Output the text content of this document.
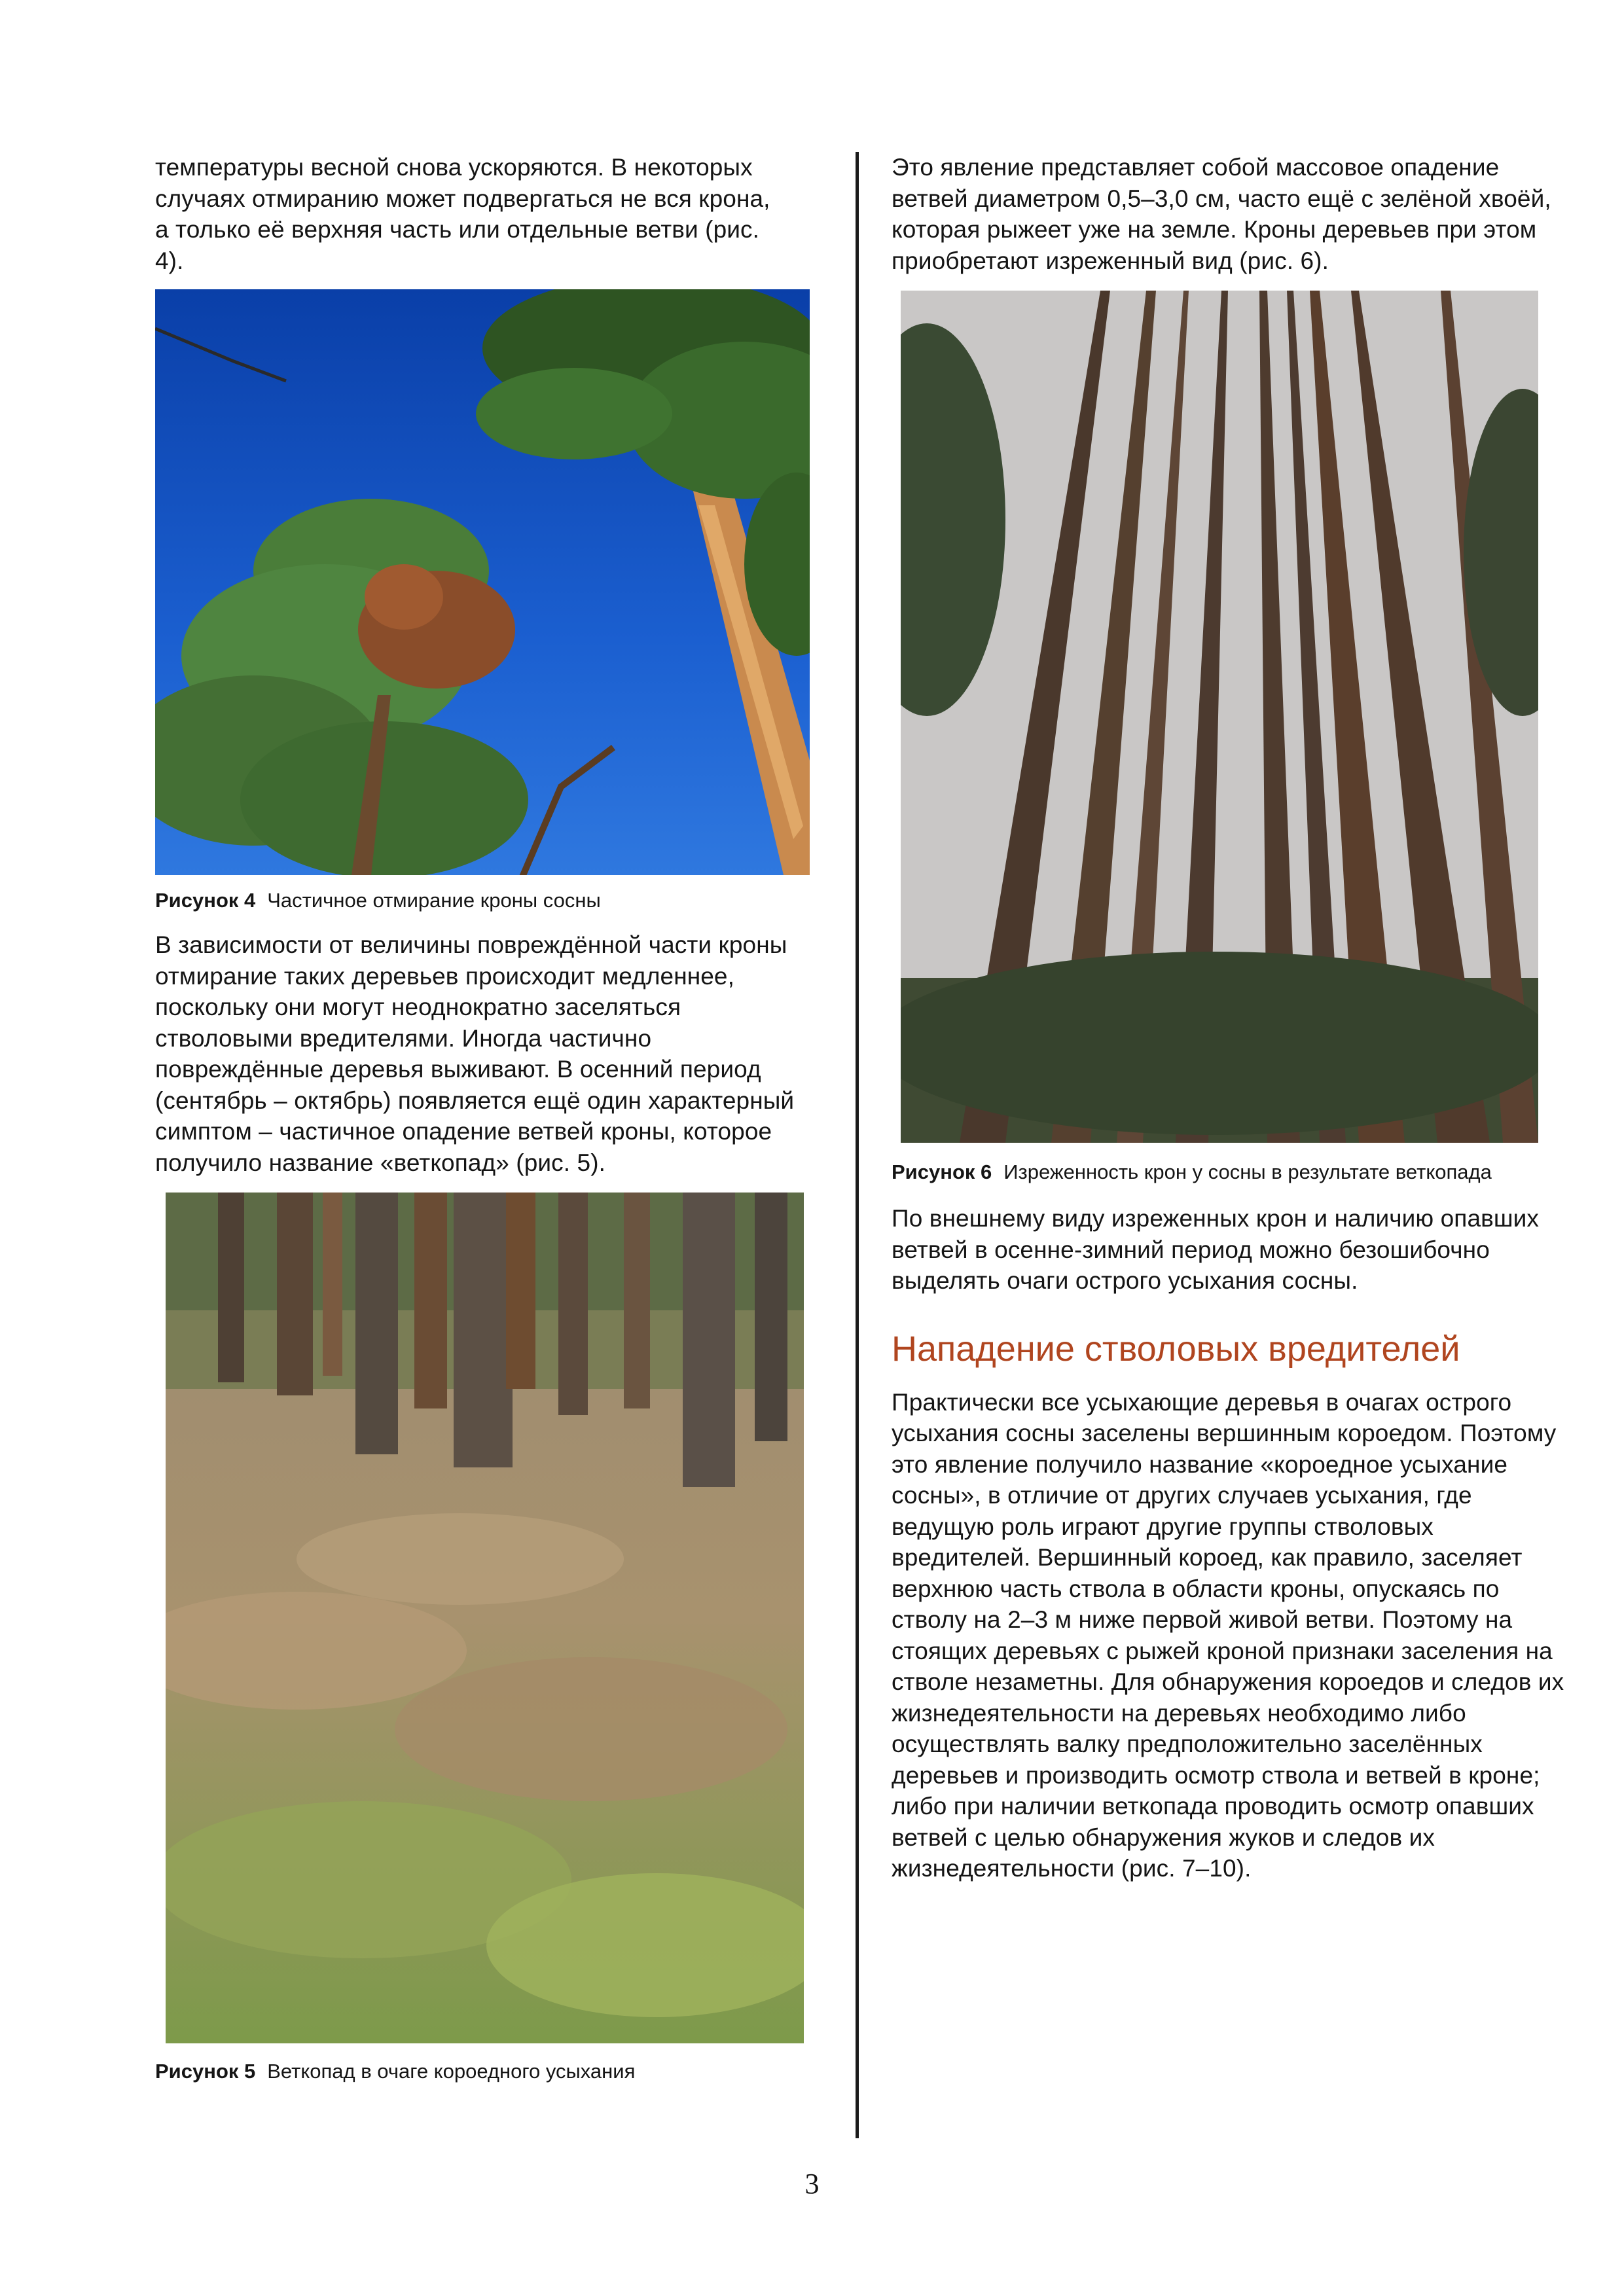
температуры весной снова ускоряются. В некоторых случаях отмиранию может подвергаться не вся крона, а только её верхняя часть или отдельные ветви (рис. 4).

Рисунок 4 Частичное отмирание кроны сосны

В зависимости от величины повреждённой части кроны отмирание таких деревьев происходит медленнее, поскольку они могут неоднократно заселяться стволовыми вредителями. Иногда частично повреждённые деревья выживают. В осенний период (сентябрь – октябрь) появляется ещё один характерный симптом – частичное опадение ветвей кроны, которое получило название «веткопад» (рис. 5).

Рисунок 5 Веткопад в очаге короедного усыхания

Это явление представляет собой массовое опадение ветвей диаметром 0,5–3,0 см, часто ещё с зелёной хвоёй, которая рыжеет уже на земле. Кроны деревьев при этом приобретают изреженный вид (рис. 6).

Рисунок 6 Изреженность крон у сосны в результате веткопада

По внешнему виду изреженных крон и наличию опавших ветвей в осенне-зимний период можно безошибочно выделять очаги острого усыхания сосны.

Нападение стволовых вредителей

Практически все усыхающие деревья в очагах острого усыхания сосны заселены вершинным короедом. Поэтому это явление получило название «короедное усыхание сосны», в отличие от других случаев усыхания, где ведущую роль играют другие группы стволовых вредителей. Вершинный короед, как правило, заселяет верхнюю часть ствола в области кроны, опускаясь по стволу на 2–3 м ниже первой живой ветви. Поэтому на стоящих деревьях с рыжей кроной признаки заселения на стволе незаметны. Для обнаружения короедов и следов их жизнедеятельности на деревьях необходимо либо осуществлять валку предположительно заселённых деревьев и производить осмотр ствола и ветвей в кроне; либо при наличии веткопада проводить осмотр опавших ветвей с целью обнаружения жуков и следов их жизнедеятельности (рис. 7–10).

3
